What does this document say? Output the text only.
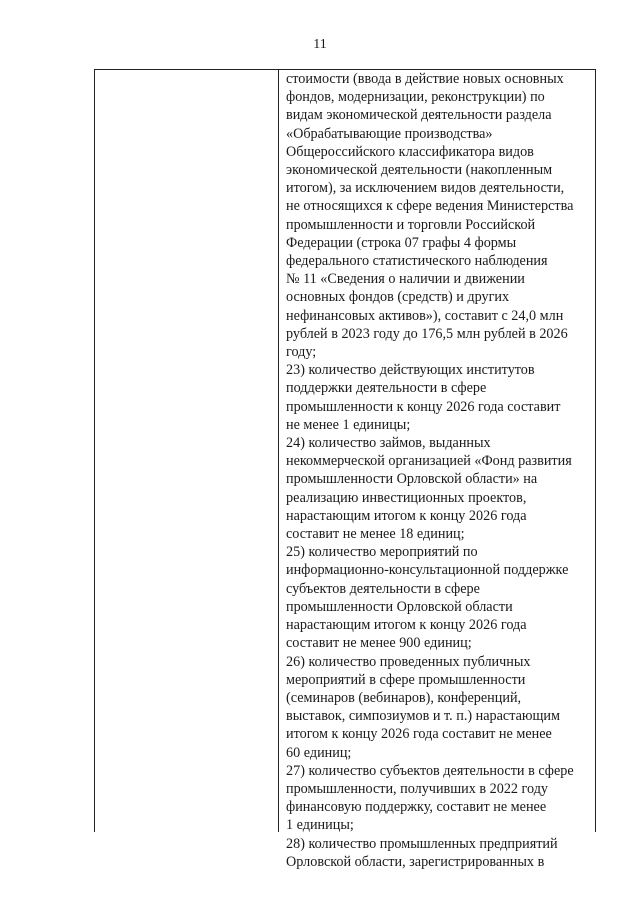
11
стоимости (ввода в действие новых основных
фондов, модернизации, реконструкции) по
видам экономической деятельности раздела
«Обрабатывающие производства»
Общероссийского классификатора видов
экономической деятельности (накопленным
итогом), за исключением видов деятельности,
не относящихся к сфере ведения Министерства
промышленности и торговли Российской
Федерации (строка 07 графы 4 формы
федерального статистического наблюдения
№ 11 «Сведения о наличии и движении
основных фондов (средств) и других
нефинансовых активов»), составит с 24,0 млн
рублей в 2023 году до 176,5 млн рублей в 2026
году;
23) количество действующих институтов
поддержки деятельности в сфере
промышленности к концу 2026 года составит
не менее 1 единицы;
24) количество займов, выданных
некоммерческой организацией «Фонд развития
промышленности Орловской области» на
реализацию инвестиционных проектов,
нарастающим итогом к концу 2026 года
составит не менее 18 единиц;
25) количество мероприятий по
информационно-консультационной поддержке
субъектов деятельности в сфере
промышленности Орловской области
нарастающим итогом к концу 2026 года
составит не менее 900 единиц;
26) количество проведенных публичных
мероприятий в сфере промышленности
(семинаров (вебинаров), конференций,
выставок, симпозиумов и т. п.) нарастающим
итогом к концу 2026 года составит не менее
60 единиц;
27) количество субъектов деятельности в сфере
промышленности, получивших в 2022 году
финансовую поддержку, составит не менее
1 единицы;
28) количество промышленных предприятий
Орловской области, зарегистрированных в
